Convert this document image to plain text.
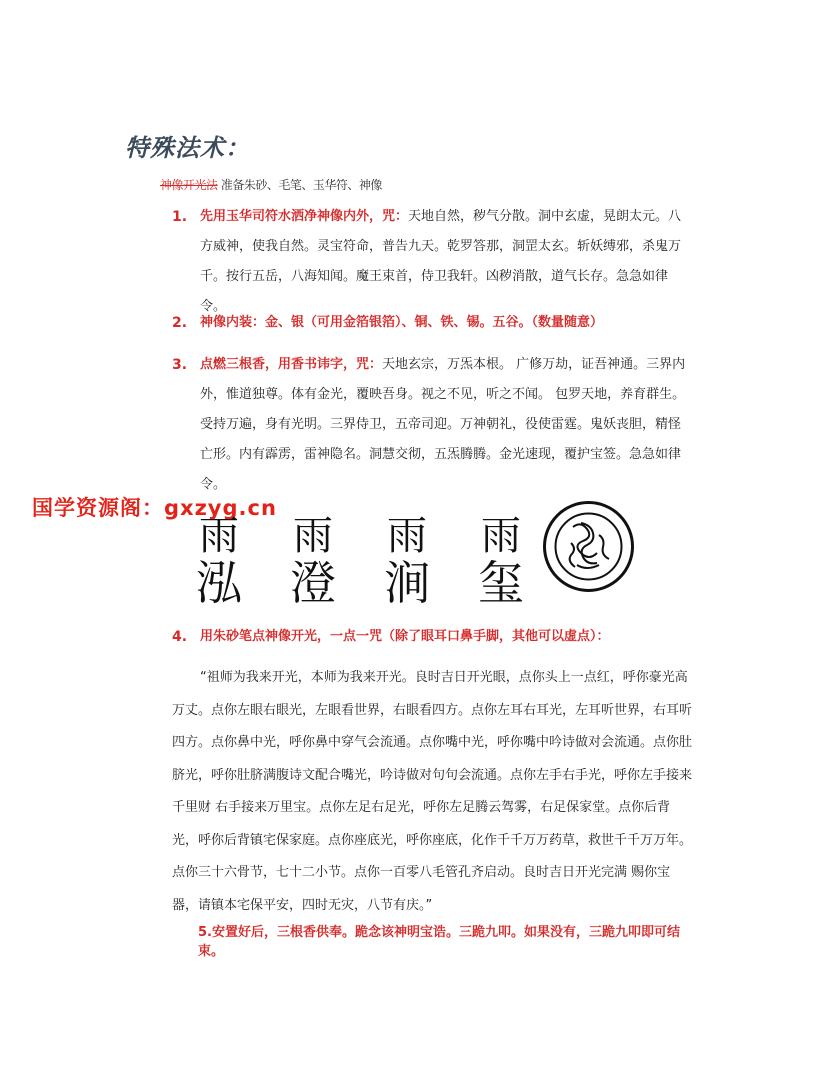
特殊法术：
神像开光法 准备朱砂、毛笔、玉华符、神像
1. 先用玉华司符水洒净神像内外，咒：天地自然，秽气分散。洞中玄虚，晃朗太元。八方威神，使我自然。灵宝符命，普告九天。乾罗答那，洞罡太玄。斩妖缚邪，杀鬼万千。按行五岳，八海知闻。魔王束首，侍卫我轩。凶秽消散，道气长存。急急如律令。
2. 神像内装：金、银（可用金箔银箔）、铜、铁、锡。五谷。（数量随意）
3. 点燃三根香，用香书讳字，咒：天地玄宗，万炁本根。 广修万劫，证吾神通。三界内外，惟道独尊。体有金光，覆映吾身。视之不见，听之不闻。 包罗天地，养育群生。受持万遍，身有光明。三界侍卫，五帝司迎。万神朝礼，役使雷霆。鬼妖丧胆，精怪亡形。内有霹雳，雷神隐名。洞慧交彻，五炁腾腾。金光速现，覆护宝签。急急如律令。
国学资源阁：gxzyg.cn
雨
泓
雨
澄
雨
涧
雨
玺
4. 用朱砂笔点神像开光，一点一咒（除了眼耳口鼻手脚，其他可以虚点）：
“祖师为我来开光，本师为我来开光。良时吉日开光眼，点你头上一点红，呼你豪光高万丈。点你左眼右眼光，左眼看世界，右眼看四方。点你左耳右耳光，左耳听世界，右耳听四方。点你鼻中光，呼你鼻中穿气会流通。点你嘴中光，呼你嘴中吟诗做对会流通。点你肚脐光，呼你肚脐满腹诗文配合嘴光，吟诗做对句句会流通。点你左手右手光，呼你左手接来千里财 右手接来万里宝。点你左足右足光，呼你左足腾云驾雾，右足保家堂。点你后背光，呼你后背镇宅保家庭。点你座底光，呼你座底，化作千千万万药草，救世千千万万年。点你三十六骨节，七十二小节。点你一百零八毛管孔齐启动。良时吉日开光完满 赐你宝器，请镇本宅保平安，四时无灾，八节有庆。”
5.安置好后，三根香供奉。跪念该神明宝诰。三跪九叩。如果没有，三跪九叩即可结束。
